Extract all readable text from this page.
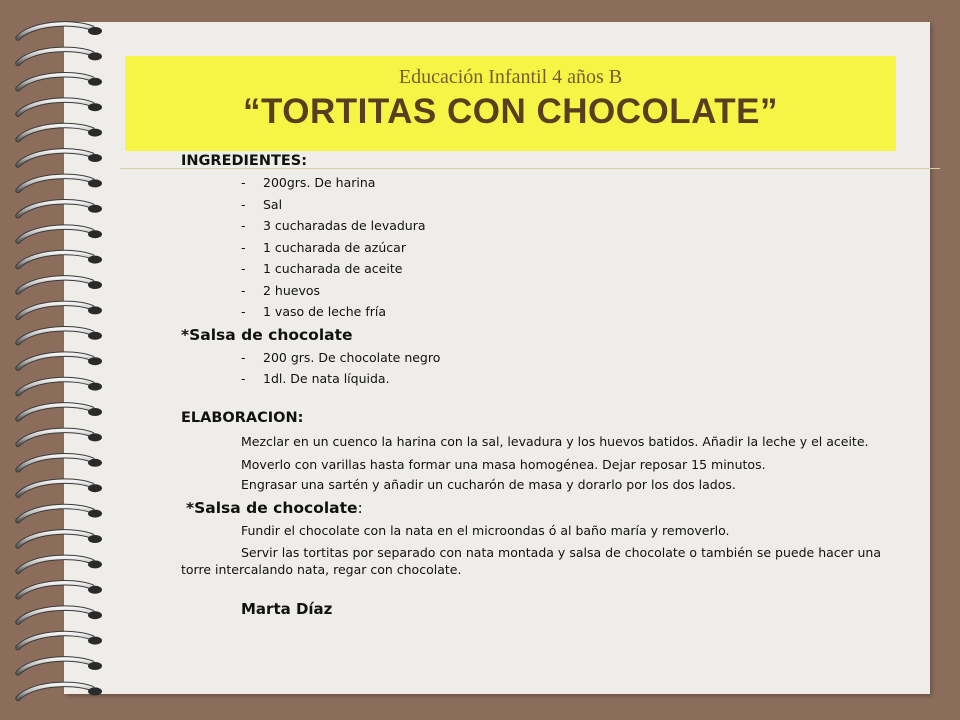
Educación Infantil 4 años B
“TORTITAS CON CHOCOLATE”

INGREDIENTES:

- 200grs. De harina
- Sal
- 3 cucharadas de levadura
- 1 cucharada de azúcar
- 1 cucharada de aceite
- 2 huevos
- 1 vaso de leche fría

*Salsa de chocolate

- 200 grs. De chocolate negro
- 1dl. De nata líquida.

ELABORACION:

Mezclar en un cuenco la harina con la sal, levadura y los huevos batidos. Añadir la leche y el aceite.

Moverlo con varillas hasta formar una masa homogénea. Dejar reposar 15 minutos.

Engrasar una sartén y añadir un cucharón de masa y dorarlo por los dos lados.

*Salsa de chocolate:

Fundir el chocolate con la nata en el microondas ó al baño maría y removerlo.

Servir las tortitas por separado con nata montada y salsa de chocolate o también se puede hacer una torre intercalando nata, regar con chocolate.

Marta Díaz
